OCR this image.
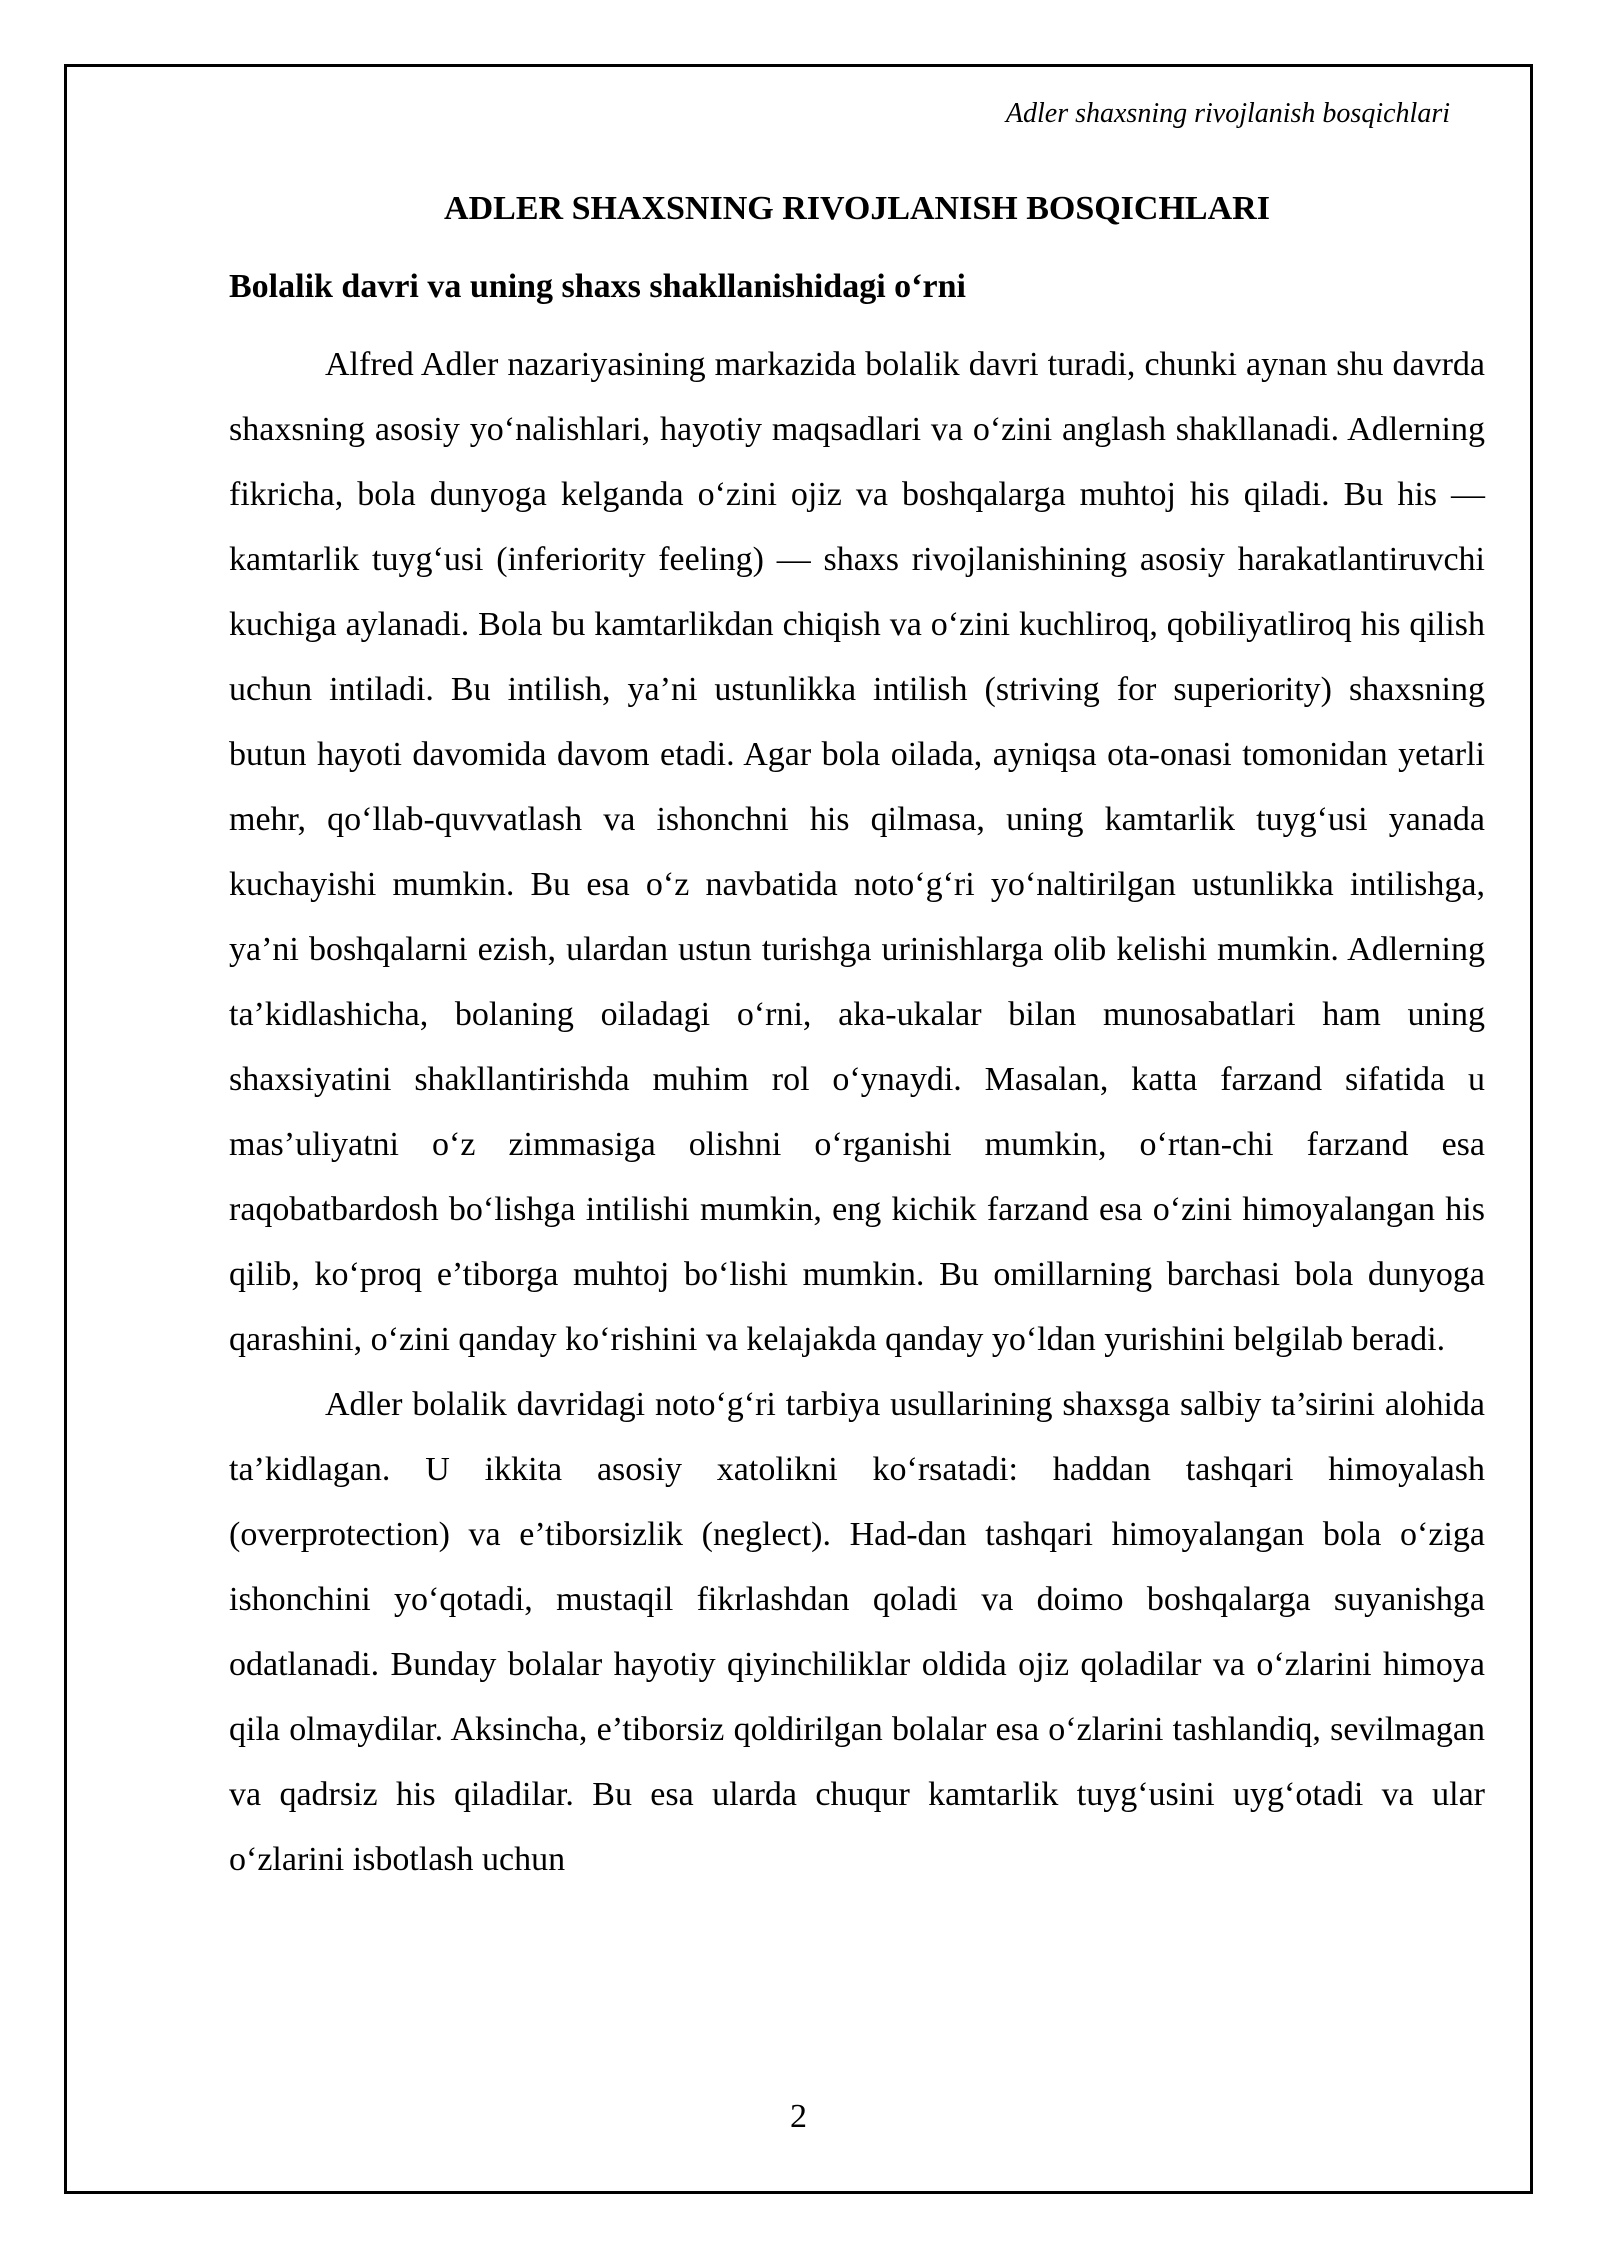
Adler shaxsning rivojlanish bosqichlari
ADLER SHAXSNING RIVOJLANISH BOSQICHLARI
Bolalik davri va uning shaxs shakllanishidagi o‘rni

Alfred Adler nazariyasining markazida bolalik davri turadi, chunki aynan shu davrda shaxsning asosiy yo‘nalishlari, hayotiy maqsadlari va o‘zini anglash shakllanadi. Adlerning fikricha, bola dunyoga kelganda o‘zini ojiz va boshqalarga muhtoj his qiladi. Bu his — kamtarlik tuyg‘usi (inferiority feeling) — shaxs rivojlanishining asosiy harakatlantiruvchi kuchiga aylanadi. Bola bu kamtarlikdan chiqish va o‘zini kuchliroq, qobiliyatliroq his qilish uchun intiladi. Bu intilish, ya’ni ustunlikka intilish (striving for superiority) shaxsning butun hayoti davomida davom etadi. Agar bola oilada, ayniqsa ota-onasi tomonidan yetarli mehr, qo‘llab-quvvatlash va ishonchni his qilmasa, uning kamtarlik tuyg‘usi yanada kuchayishi mumkin. Bu esa o‘z navbatida noto‘g‘ri yo‘naltirilgan ustunlikka intilishga, ya’ni boshqalarni ezish, ulardan ustun turishga urinishlarga olib kelishi mumkin. Adlerning ta’kidlashicha, bolaning oiladagi o‘rni, aka-ukalar bilan munosabatlari ham uning shaxsiyatini shakllantirishda muhim rol o‘ynaydi. Masalan, katta farzand sifatida u mas’uliyatni o‘z zimmasiga olishni o‘rganishi mumkin, o‘rtan-chi farzand esa raqobatbardosh bo‘lishga intilishi mumkin, eng kichik farzand esa o‘zini himoyalangan his qilib, ko‘proq e’tiborga muhtoj bo‘lishi mumkin. Bu omillarning barchasi bola dunyoga qarashini, o‘zini qanday ko‘rishini va kelajakda qanday yo‘ldan yurishini belgilab beradi.

Adler bolalik davridagi noto‘g‘ri tarbiya usullarining shaxsga salbiy ta’sirini alohida ta’kidlagan. U ikkita asosiy xatolikni ko‘rsatadi: haddan tashqari himoyalash (overprotection) va e’tiborsizlik (neglect). Had-dan tashqari himoyalangan bola o‘ziga ishonchini yo‘qotadi, mustaqil fikrlashdan qoladi va doimo boshqalarga suyanishga odatlanadi. Bunday bolalar hayotiy qiyinchiliklar oldida ojiz qoladilar va o‘zlarini himoya qila olmaydilar. Aksincha, e’tiborsiz qoldirilgan bolalar esa o‘zlarini tashlandiq, sevilmagan va qadrsiz his qiladilar. Bu esa ularda chuqur kamtarlik tuyg‘usini uyg‘otadi va ular o‘zlarini isbotlash uchun

2
